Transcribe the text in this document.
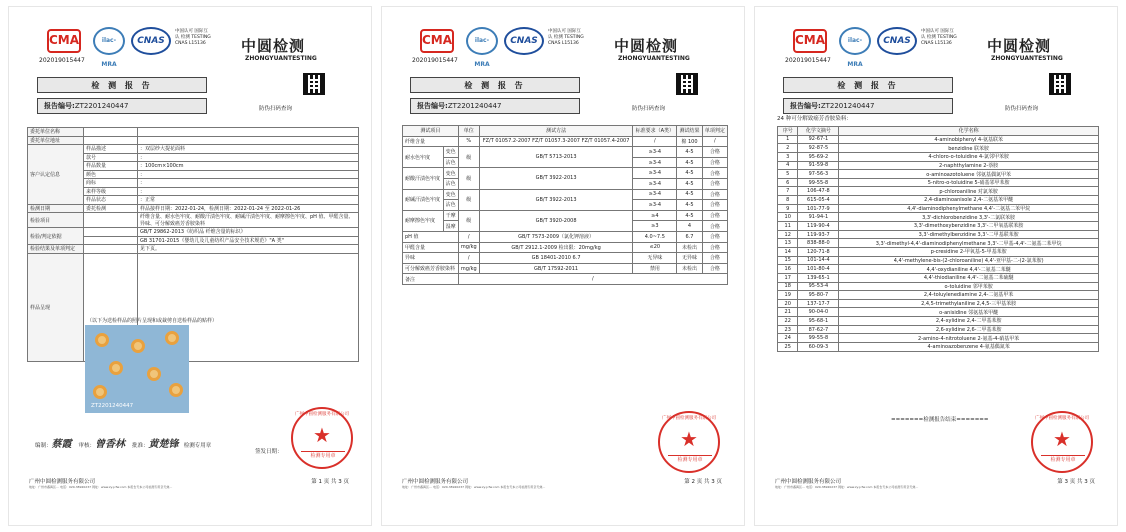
CMA
202019015447
ilac-MRA
CNAS
中国认可 国际互认 检测 TESTING CNAS L15136	中圆检测
ZHONGYUANTESTING
检 测 报 告
报告编号:ZT2201240447	防伪扫码查询
委托单位名称		
委托单位地址		
客户认定信息	样品描述	：双层纱大提花面料
	款号	：
	样品数量	：100cm×100cm
	颜色	：
	商标	：
	来样等级	：
	样品状态	：正常
检测日期	委托检测	样品接样日期：2022-01-24，检测日期：2022-01-24 至 2022-01-26
检验项目		纤维含量、耐水色牢度、耐酸汗渍色牢度、耐碱汗渍色牢度、耐摩擦色牢度、pH 值、甲醛含量、异味、可分解致癌芳香胺染料
检验/判定依据		GB/T 29862-2013《纺织品 纤维含量的标识》
		GB 31701-2015《婴幼儿及儿童纺织产品安全技术规范》"A 类"
检验结果及单项判定		见下页。
样品呈现		
（以下为送检样品的照片呈现和或裁剪自送检样品的贴样）
ZT2201240447
编制：蔡霞 审核：曾香林 批准：黄楚锋 检测专用章
签发日期：
广州中圆检测服务有限公司
★
检测专用章
广州中圆检测服务有限公司	第 1 页 共 3 页
地址：广州市番禺区… 电话：020-38920237 网址：www.zy-jcfw.com 本报告无本公司检测专用章无效…
CMA
202019015447
ilac-MRA
CNAS
中国认可 国际互认 检测 TESTING CNAS L15136	中圆检测
ZHONGYUANTESTING
检 测 报 告
报告编号:ZT2201240447	防伪扫码查询
测试项目		单位	测试方法	标准要求（A类）	测试结果	单项判定
纤维含量		%	FZ/T 01057.2-2007 FZ/T 01057.3-2007 FZ/T 01057.4-2007	/	棉 100	/
耐水色牢度	变色	级	GB/T 5713-2013	≥3-4	4-5	合格
	沾色			≥3-4	4-5	合格
耐酸汗渍色牢度	变色	级	GB/T 3922-2013	≥3-4	4-5	合格
	沾色			≥3-4	4-5	合格
耐碱汗渍色牢度	变色	级	GB/T 3922-2013	≥3-4	4-5	合格
	沾色			≥3-4	4-5	合格
耐摩擦色牢度	干摩	级	GB/T 3920-2008	≥4	4-5	合格
	湿摩			≥3	4	合格
pH 值		/	GB/T 7573-2009（氯化钾溶液）	4.0~7.5	6.7	合格
甲醛含量		mg/kg	GB/T 2912.1-2009 检出限：20mg/kg	≤20	未检出	合格
异味		/	GB 18401-2010 6.7	无异味	无异味	合格
可分解致癌芳香胺染料		mg/kg	GB/T 17592-2011	禁用	未检出	合格
备注		/				
广州中圆检测服务有限公司
★
检测专用章
广州中圆检测服务有限公司	第 2 页 共 3 页
地址：广州市番禺区… 电话：020-38920237 网址：www.zy-jcfw.com 本报告无本公司检测专用章无效…
CMA
202019015447
ilac-MRA
CNAS
中国认可 国际互认 检测 TESTING CNAS L15136	中圆检测
ZHONGYUANTESTING
检 测 报 告
报告编号:ZT2201240447	防伪扫码查询
24 种可分解致癌芳香胺染料：
序号	化学文摘号	化学名称
1	92-67-1	4-aminobiphenyl 4-氨基联苯
2	92-87-5	benzidine 联苯胺
3	95-69-2	4-chloro-o-toluidine 4-氯邻甲苯胺
4	91-59-8	2-naphthylamine 2-萘胺
5	97-56-3	o-aminoazotoluene 邻氨基偶氮甲苯
6	99-55-8	5-nitro-o-toluidine 5-硝基邻甲苯胺
7	106-47-8	p-chloroaniline 对氯苯胺
8	615-05-4	2,4-diaminoanisole 2,4-二氨基苯甲醚
9	101-77-9	4,4'-diaminodiphenylmethane 4,4'-二氨基二苯甲烷
10	91-94-1	3,3'-dichlorobenzidine 3,3'-二氯联苯胺
11	119-90-4	3,3'-dimethoxybenzidine 3,3'-二甲氧基联苯胺
12	119-93-7	3,3'-dimethylbenzidine 3,3'-二甲基联苯胺
13	838-88-0	3,3'-dimethyl-4,4'-diaminodiphenylmethane 3,3'-二甲基-4,4'-二氨基二苯甲烷
14	120-71-8	p-cresidine 2-甲氧基-5-甲基苯胺
15	101-14-4	4,4'-methylene-bis-(2-chloroaniline) 4,4'-亚甲基-二-(2-氯苯胺)
16	101-80-4	4,4'-oxydianiline 4,4'-二氨基二苯醚
17	139-65-1	4,4'-thiodianiline 4,4'-二氨基二苯硫醚
18	95-53-4	o-toluidine 邻甲苯胺
19	95-80-7	2,4-toluylenediamine 2,4-二氨基甲苯
20	137-17-7	2,4,5-trimethylaniline 2,4,5-三甲基苯胺
21	90-04-0	o-anisidine 邻氨基苯甲醚
22	95-68-1	2,4-xylidine 2,4-二甲基苯胺
23	87-62-7	2,6-xylidine 2,6-二甲基苯胺
24	99-55-8	2-amino-4-nitrotoluene 2-氨基-4-硝基甲苯
25	60-09-3	4-aminoazobenzene 4-氨基偶氮苯
=======检测报告结束=======	广州中圆检测服务有限公司
★
检测专用章
广州中圆检测服务有限公司	第 3 页 共 3 页
地址：广州市番禺区… 电话：020-38920237 网址：www.zy-jcfw.com 本报告无本公司检测专用章无效…
